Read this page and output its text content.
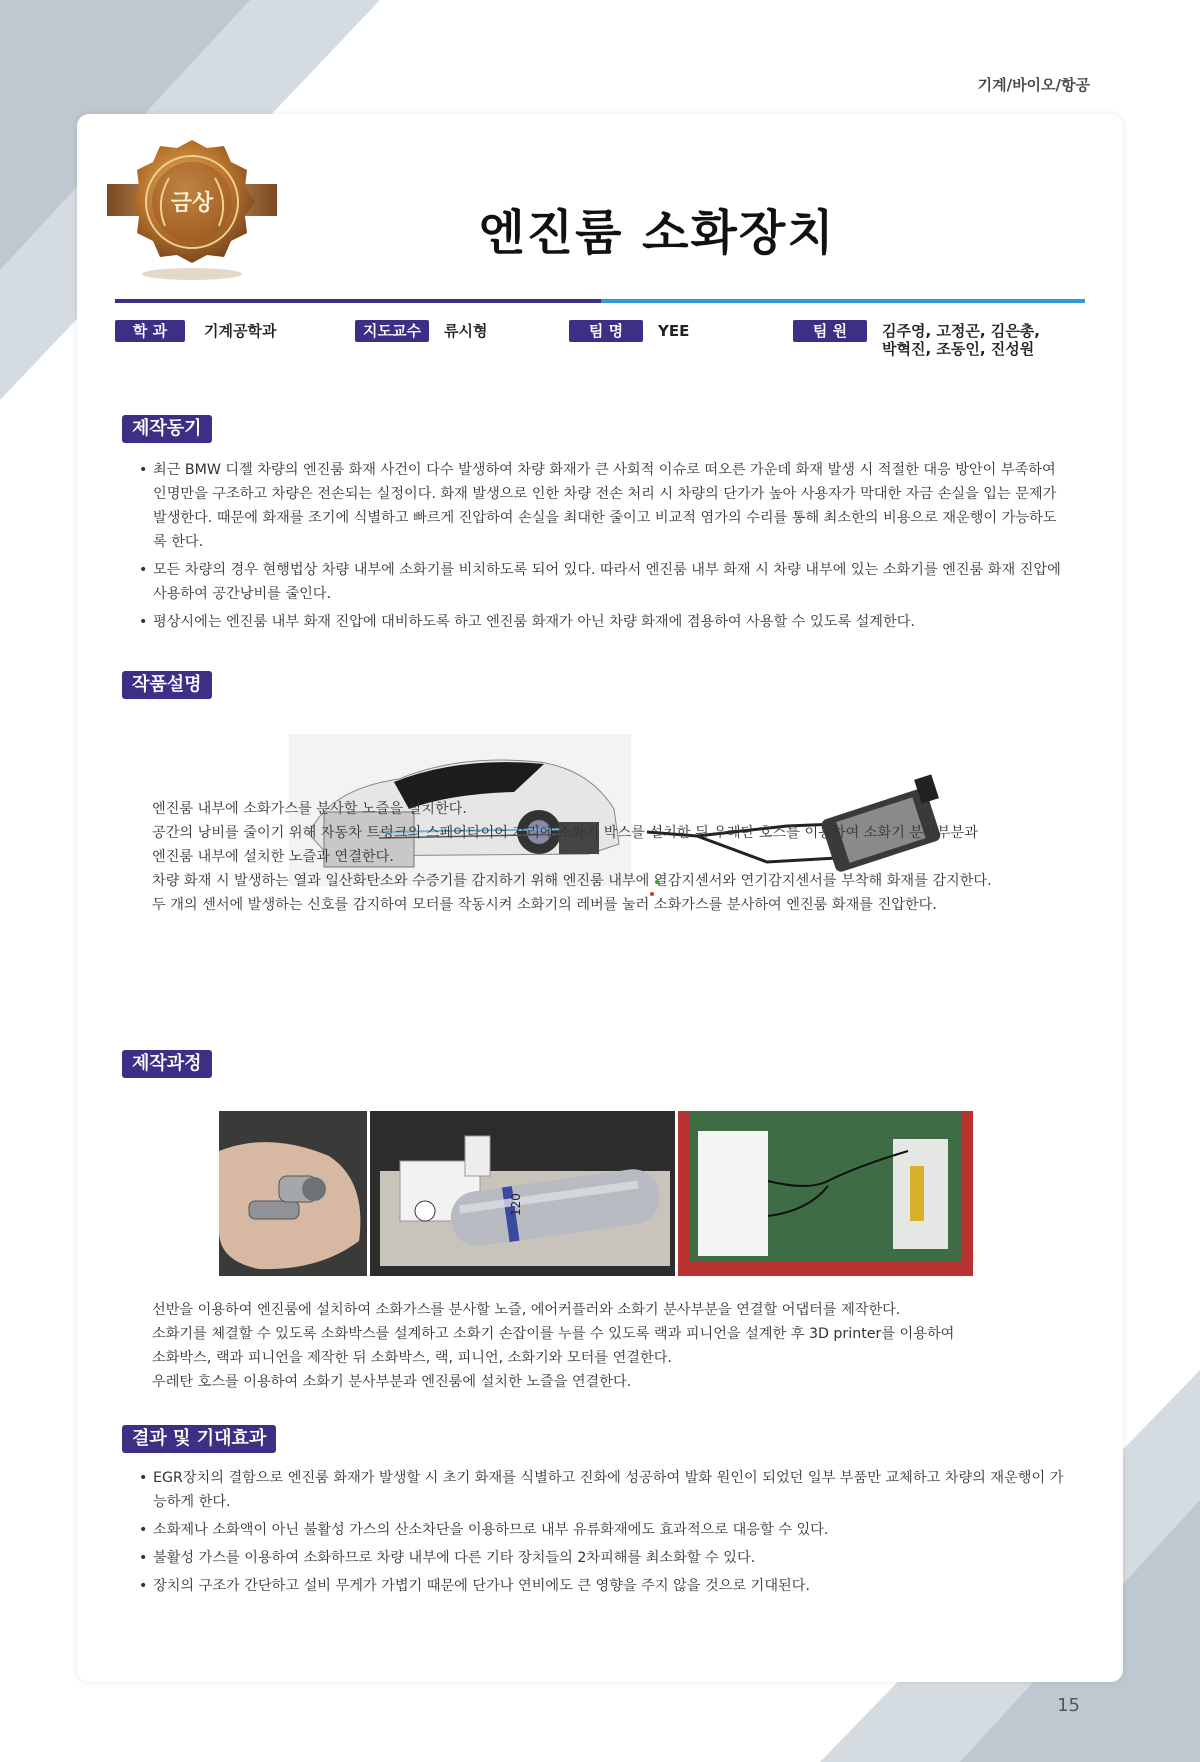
기계/바이오/항공
금상
엔진룸 소화장치
학 과	기계공학과	지도교수	류시형	팀 명	YEE	팀 원	김주영, 고정곤, 김은총,
박혁진, 조동인, 진성원
제작동기
• 최근 BMW 디젤 차량의 엔진룸 화재 사건이 다수 발생하여 차량 화재가 큰 사회적 이슈로 떠오른 가운데 화재 발생 시 적절한 대응 방안이 부족하여 인명만을 구조하고 차량은 전손되는 실정이다. 화재 발생으로 인한 차량 전손 처리 시 차량의 단가가 높아 사용자가 막대한 자금 손실을 입는 문제가 발생한다. 때문에 화재를 조기에 식별하고 빠르게 진압하여 손실을 최대한 줄이고 비교적 염가의 수리를 통해 최소한의 비용으로 재운행이 가능하도록 한다.
• 모든 차량의 경우 현행법상 차량 내부에 소화기를 비치하도록 되어 있다. 따라서 엔진룸 내부 화재 시 차량 내부에 있는 소화기를 엔진룸 화재 진압에 사용하여 공간낭비를 줄인다.
• 평상시에는 엔진룸 내부 화재 진압에 대비하도록 하고 엔진룸 화재가 아닌 차량 화재에 겸용하여 사용할 수 있도록 설계한다.
작품설명

엔진룸 내부에 소화가스를 분사할 노즐을 설치한다.

공간의 낭비를 줄이기 위해 자동차 트렁크의 스페어타이어 자리에 소화기 박스를 설치한 뒤 우레탄 호스를 이용하여 소화기 분사부분과

엔진룸 내부에 설치한 노즐과 연결한다.

차량 화재 시 발생하는 열과 일산화탄소와 수증기를 감지하기 위해 엔진룸 내부에 열감지센서와 연기감지센서를 부착해 화재를 감지한다.

두 개의 센서에 발생하는 신호를 감지하여 모터를 작동시켜 소화기의 레버를 눌러 소화가스를 분사하여 엔진룸 화재를 진압한다.

제작과정
120

선반을 이용하여 엔진룸에 설치하여 소화가스를 분사할 노즐, 에어커플러와 소화기 분사부분을 연결할 어댑터를 제작한다.

소화기를 체결할 수 있도록 소화박스를 설계하고 소화기 손잡이를 누를 수 있도록 랙과 피니언을 설계한 후 3D printer를 이용하여

소화박스, 랙과 피니언을 제작한 뒤 소화박스, 랙, 피니언, 소화기와 모터를 연결한다.

우레탄 호스를 이용하여 소화기 분사부분과 엔진룸에 설치한 노즐을 연결한다.

결과 및 기대효과
• EGR장치의 결함으로 엔진룸 화재가 발생할 시 초기 화재를 식별하고 진화에 성공하여 발화 원인이 되었던 일부 부품만 교체하고 차량의 재운행이 가능하게 한다.
• 소화제나 소화액이 아닌 불활성 가스의 산소차단을 이용하므로 내부 유류화재에도 효과적으로 대응할 수 있다.
• 불활성 가스를 이용하여 소화하므로 차량 내부에 다른 기타 장치들의 2차피해를 최소화할 수 있다.
• 장치의 구조가 간단하고 설비 무게가 가볍기 때문에 단가나 연비에도 큰 영향을 주지 않을 것으로 기대된다.
15
